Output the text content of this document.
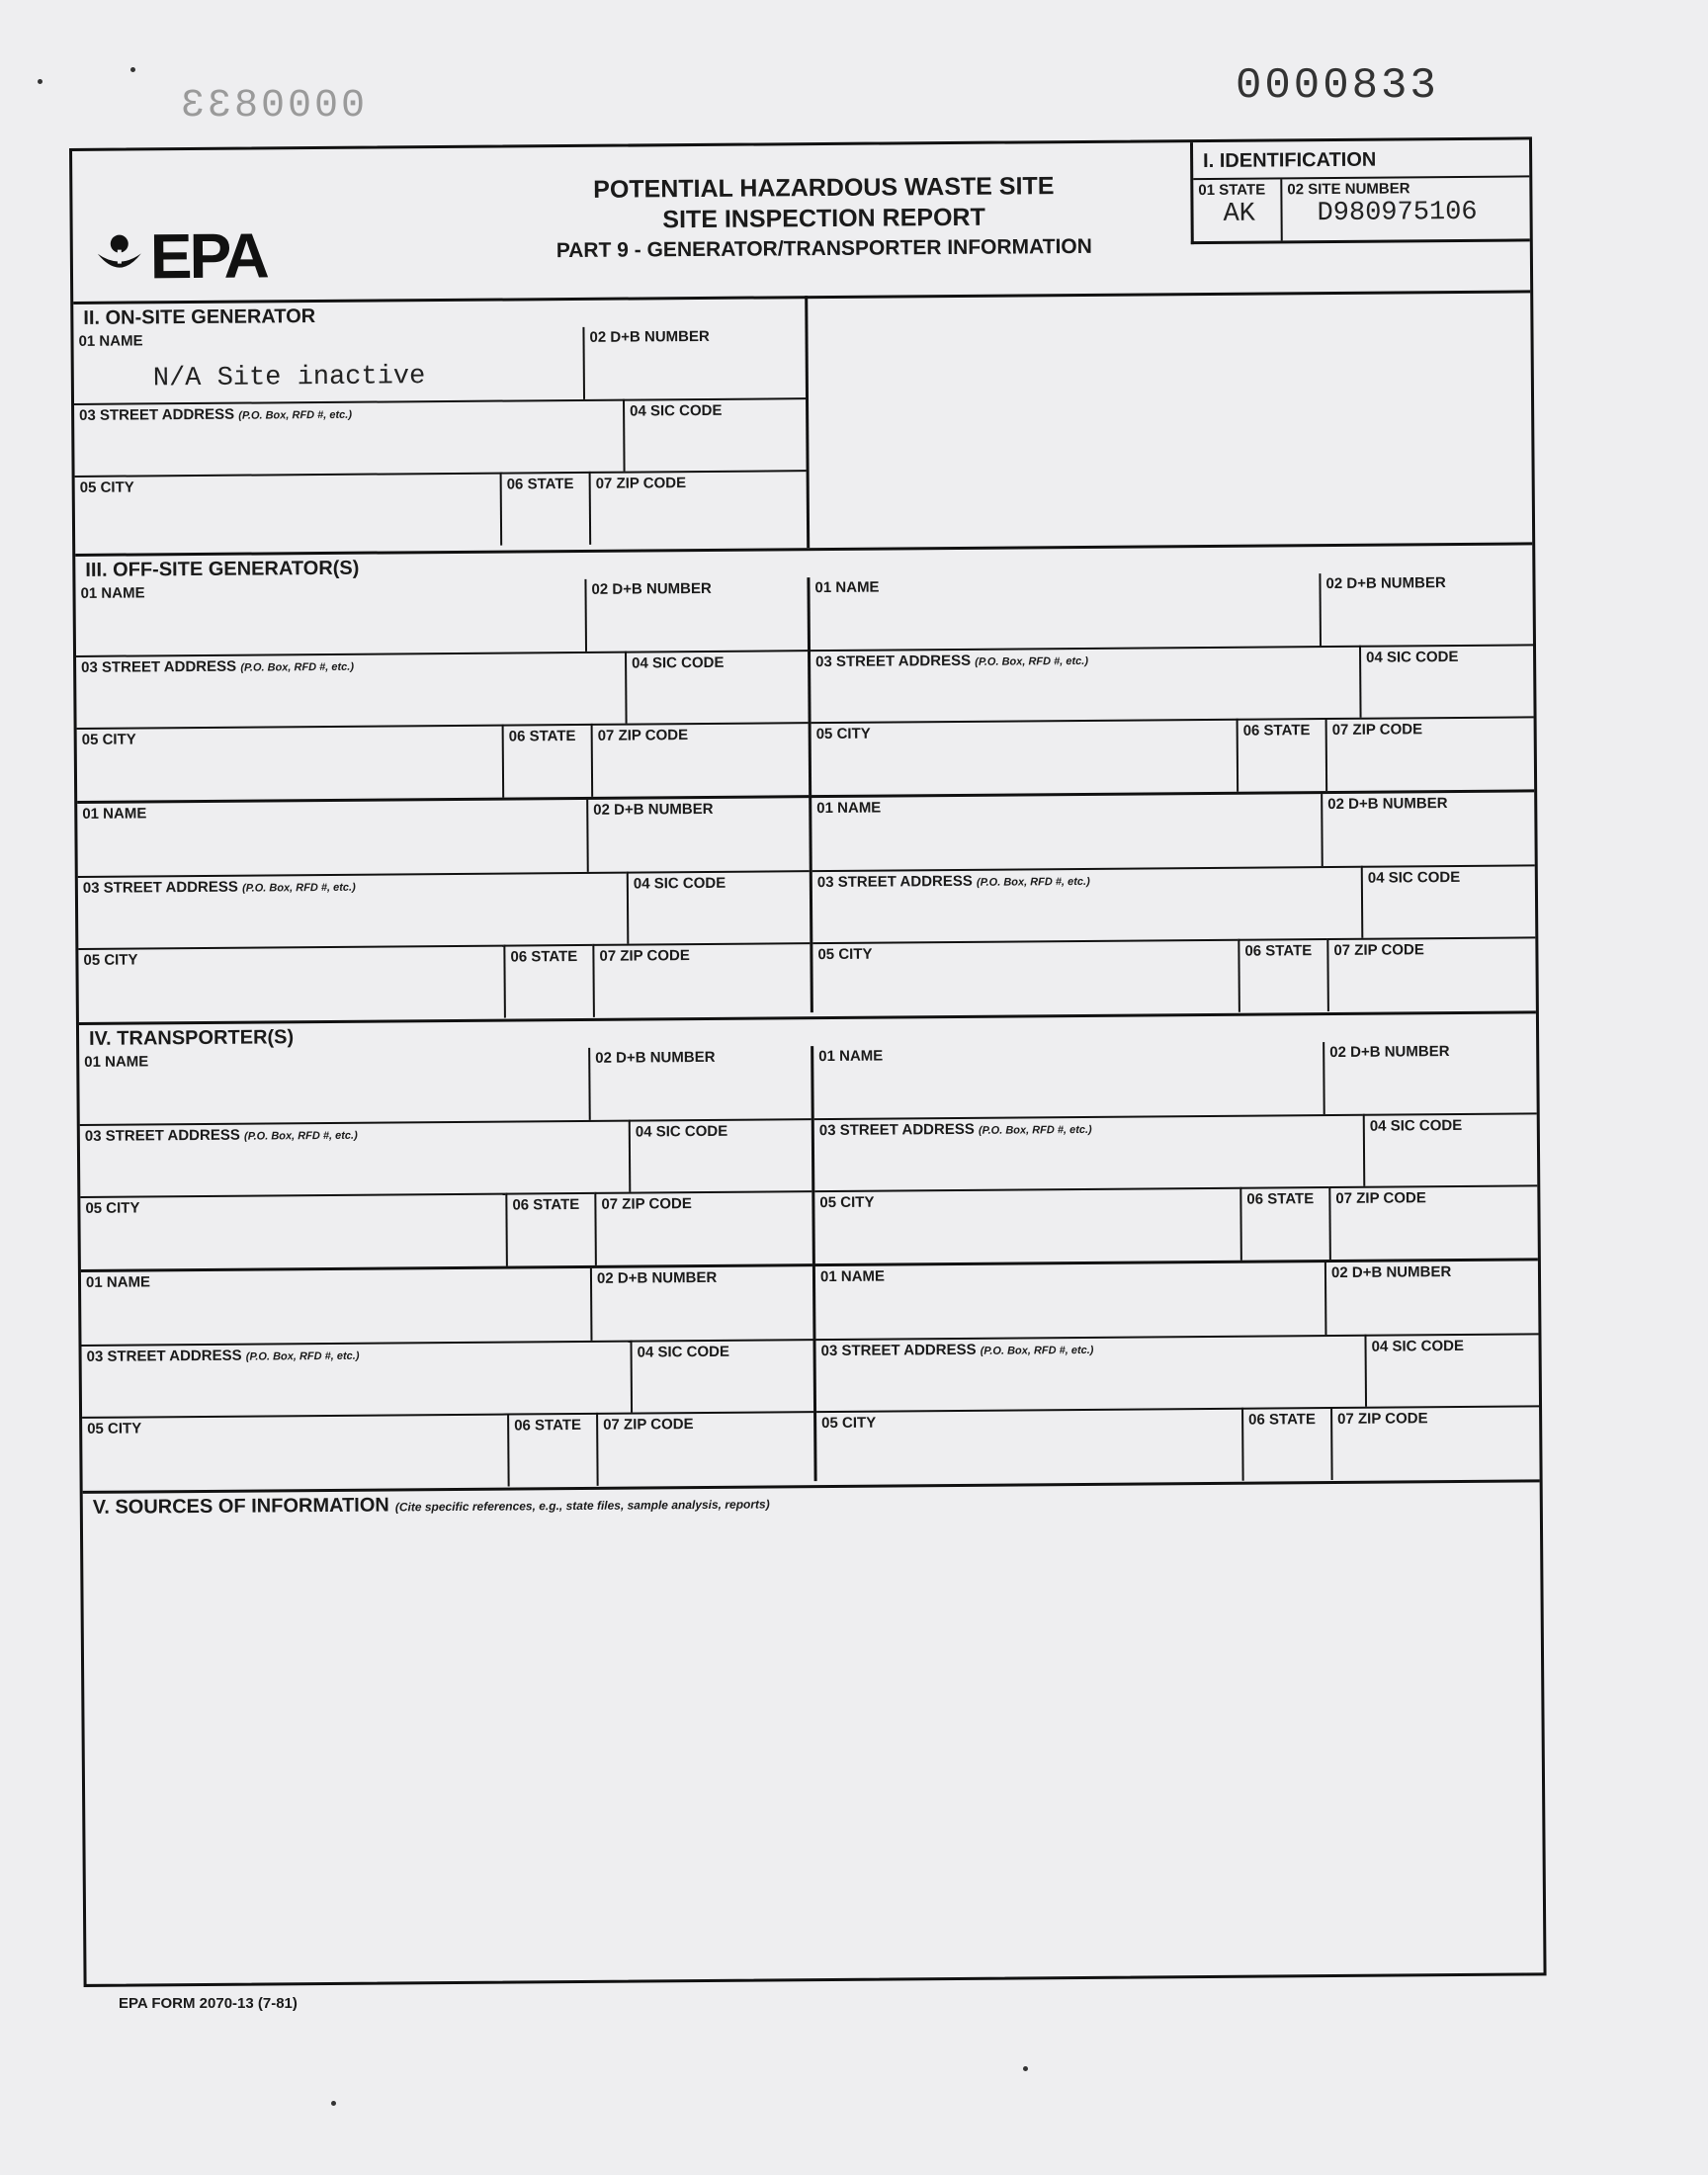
0000833	0000833
EPA
POTENTIAL HAZARDOUS WASTE SITE
SITE INSPECTION REPORT
PART 9 - GENERATOR/TRANSPORTER INFORMATION
I. IDENTIFICATION
01 STATE
AK
02 SITE NUMBER
D980975106
II. ON-SITE GENERATOR
01 NAME
N/A Site inactive
02 D+B NUMBER
03 STREET ADDRESS (P.O. Box, RFD #, etc.)	04 SIC CODE
05 CITY	06 STATE 07 ZIP CODE
III. OFF-SITE GENERATOR(S)
01 NAME	02 D+B NUMBER
03 STREET ADDRESS (P.O. Box, RFD #, etc.)	04 SIC CODE
05 CITY	06 STATE 07 ZIP CODE
01 NAME	02 D+B NUMBER
03 STREET ADDRESS (P.O. Box, RFD #, etc.)	04 SIC CODE
05 CITY	06 STATE 07 ZIP CODE
01 NAME	02 D+B NUMBER
03 STREET ADDRESS (P.O. Box, RFD #, etc.)	04 SIC CODE
05 CITY	06 STATE 07 ZIP CODE
01 NAME	02 D+B NUMBER
03 STREET ADDRESS (P.O. Box, RFD #, etc.)	04 SIC CODE
05 CITY	06 STATE 07 ZIP CODE
IV. TRANSPORTER(S)
01 NAME	02 D+B NUMBER
03 STREET ADDRESS (P.O. Box, RFD #, etc.)	04 SIC CODE
05 CITY	06 STATE 07 ZIP CODE
01 NAME	02 D+B NUMBER
03 STREET ADDRESS (P.O. Box, RFD #, etc.)	04 SIC CODE
05 CITY	06 STATE 07 ZIP CODE
01 NAME	02 D+B NUMBER
03 STREET ADDRESS (P.O. Box, RFD #, etc.)	04 SIC CODE
05 CITY	06 STATE 07 ZIP CODE
01 NAME	02 D+B NUMBER
03 STREET ADDRESS (P.O. Box, RFD #, etc.)	04 SIC CODE
05 CITY	06 STATE 07 ZIP CODE
V. SOURCES OF INFORMATION (Cite specific references, e.g., state files, sample analysis, reports)
EPA FORM 2070-13 (7-81)
